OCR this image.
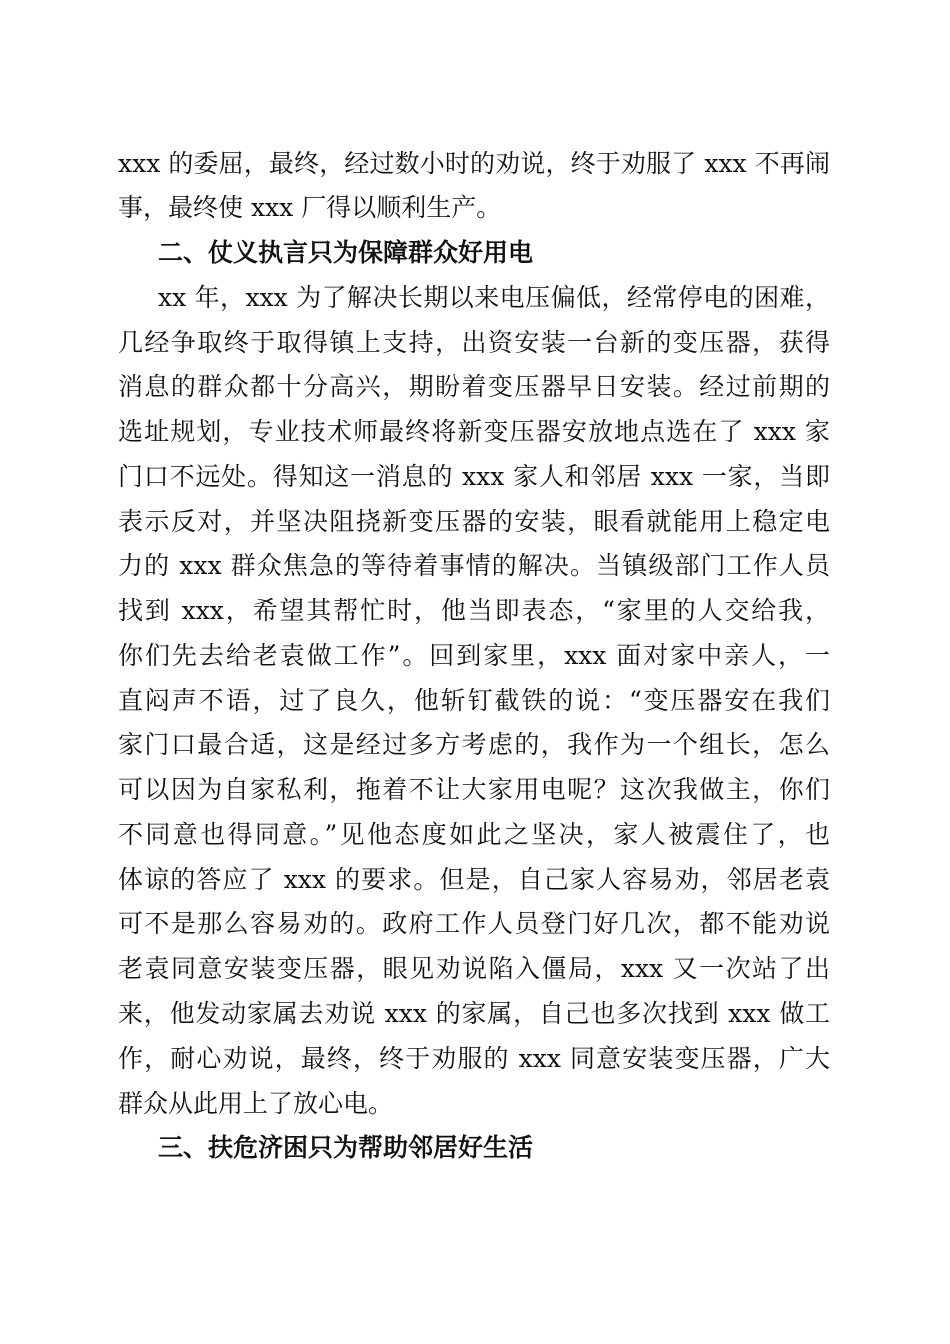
xxx 的委屈，最终，经过数小时的劝说，终于劝服了 xxx 不再闹
事，最终使 xxx 厂得以顺利生产。
二、仗义执言只为保障群众好用电
xx 年，xxx 为了解决长期以来电压偏低，经常停电的困难，
几经争取终于取得镇上支持，出资安装一台新的变压器，获得
消息的群众都十分高兴，期盼着变压器早日安装。经过前期的
选址规划，专业技术师最终将新变压器安放地点选在了 xxx 家
门口不远处。得知这一消息的 xxx 家人和邻居 xxx 一家，当即
表示反对，并坚决阻挠新变压器的安装，眼看就能用上稳定电
力的 xxx 群众焦急的等待着事情的解决。当镇级部门工作人员
找到 xxx，希望其帮忙时，他当即表态，“家里的人交给我，
你们先去给老袁做工作”。回到家里，xxx 面对家中亲人，一
直闷声不语，过了良久，他斩钉截铁的说：“变压器安在我们
家门口最合适，这是经过多方考虑的，我作为一个组长，怎么
可以因为自家私利，拖着不让大家用电呢？这次我做主，你们
不同意也得同意。”见他态度如此之坚决，家人被震住了，也
体谅的答应了 xxx 的要求。但是，自己家人容易劝，邻居老袁
可不是那么容易劝的。政府工作人员登门好几次，都不能劝说
老袁同意安装变压器，眼见劝说陷入僵局，xxx 又一次站了出
来，他发动家属去劝说 xxx 的家属，自己也多次找到 xxx 做工
作，耐心劝说，最终，终于劝服的 xxx 同意安装变压器，广大
群众从此用上了放心电。
三、扶危济困只为帮助邻居好生活
